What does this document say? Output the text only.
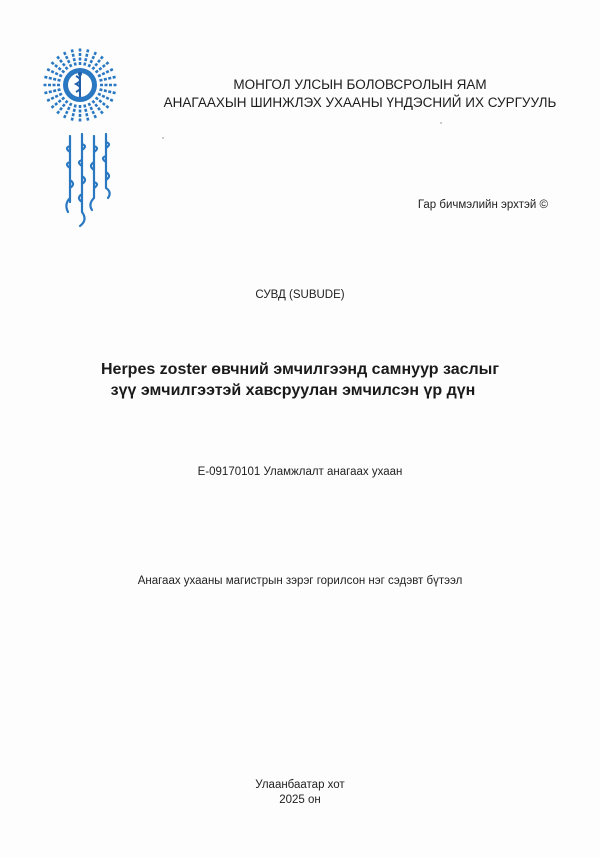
МОНГОЛ УЛСЫН БОЛОВСРОЛЫН ЯАМ
АНАГААХЫН ШИНЖЛЭХ УХААНЫ ҮНДЭСНИЙ ИХ СУРГУУЛЬ
Гар бичмэлийн эрхтэй ©
СУВД (SUBUDE)
Herpes zoster өвчний эмчилгээнд самнуур заслыг
зүү эмчилгээтэй хавсруулан эмчилсэн үр дүн
E-09170101 Уламжлалт анагаах ухаан
Анагаах ухааны магистрын зэрэг горилсон нэг сэдэвт бүтээл
Улаанбаатар хот
2025 он
